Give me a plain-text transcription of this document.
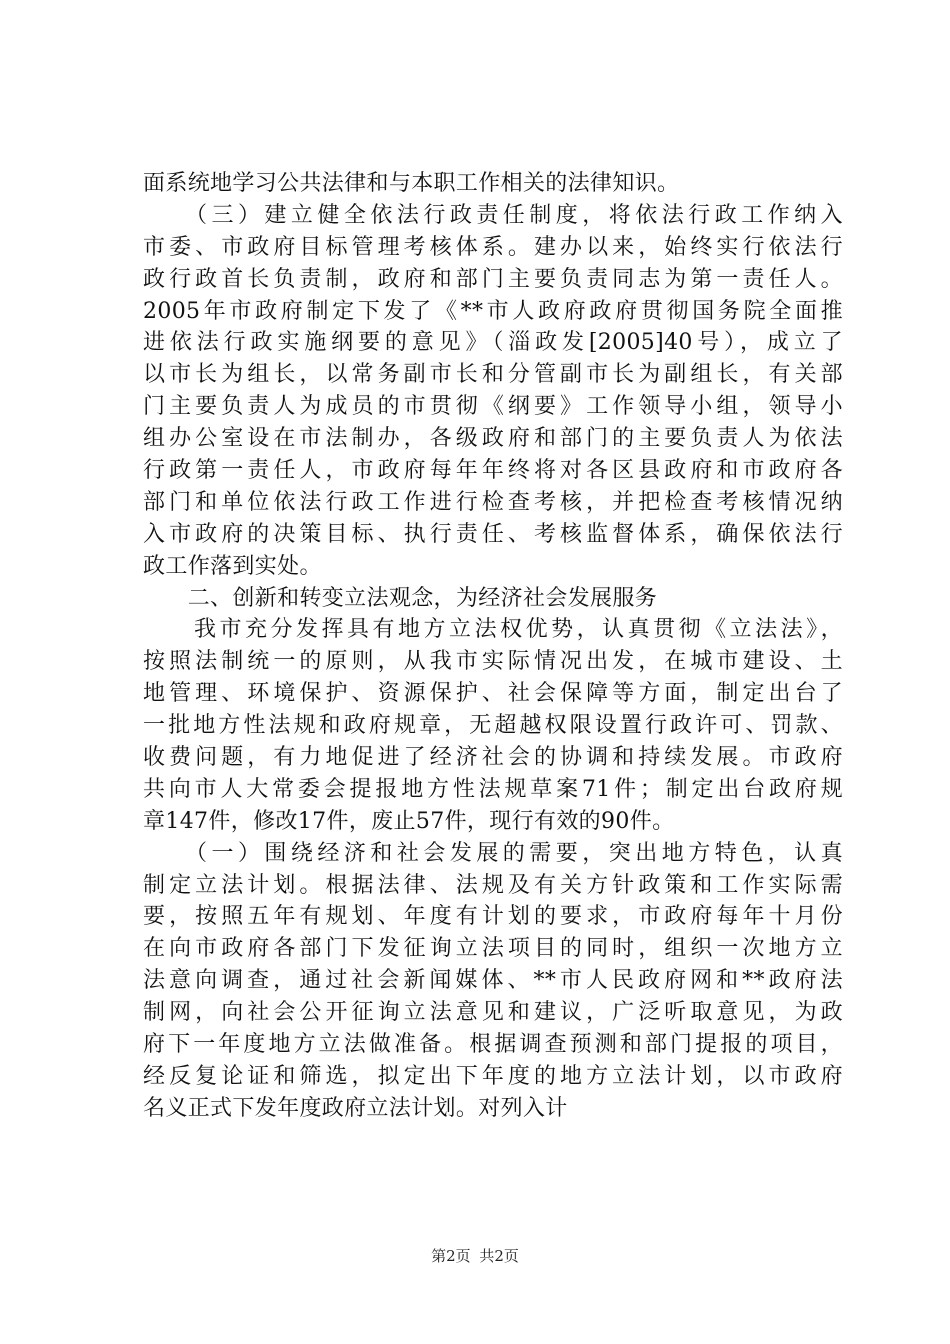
面系统地学习公共法律和与本职工作相关的法律知识。
　　（三）建立健全依法行政责任制度，将依法行政工作纳入
市委、市政府目标管理考核体系。建办以来，始终实行依法行
政行政首长负责制，政府和部门主要负责同志为第一责任人。
2005年市政府制定下发了《**市人政府政府贯彻国务院全面推
进依法行政实施纲要的意见》（淄政发[2005]40号），成立了
以市长为组长，以常务副市长和分管副市长为副组长，有关部
门主要负责人为成员的市贯彻《纲要》工作领导小组，领导小
组办公室设在市法制办，各级政府和部门的主要负责人为依法
行政第一责任人，市政府每年年终将对各区县政府和市政府各
部门和单位依法行政工作进行检查考核，并把检查考核情况纳
入市政府的决策目标、执行责任、考核监督体系，确保依法行
政工作落到实处。
　　二、创新和转变立法观念，为经济社会发展服务
　　我市充分发挥具有地方立法权优势，认真贯彻《立法法》，
按照法制统一的原则，从我市实际情况出发，在城市建设、土
地管理、环境保护、资源保护、社会保障等方面，制定出台了
一批地方性法规和政府规章，无超越权限设置行政许可、罚款、
收费问题，有力地促进了经济社会的协调和持续发展。市政府
共向市人大常委会提报地方性法规草案71件；制定出台政府规
章147件，修改17件，废止57件，现行有效的90件。
　　（一）围绕经济和社会发展的需要，突出地方特色，认真
制定立法计划。根据法律、法规及有关方针政策和工作实际需
要，按照五年有规划、年度有计划的要求，市政府每年十月份
在向市政府各部门下发征询立法项目的同时，组织一次地方立
法意向调查，通过社会新闻媒体、**市人民政府网和**政府法
制网，向社会公开征询立法意见和建议，广泛听取意见，为政
府下一年度地方立法做准备。根据调查预测和部门提报的项目，
经反复论证和筛选，拟定出下年度的地方立法计划，以市政府
名义正式下发年度政府立法计划。对列入计
第2页 共2页
